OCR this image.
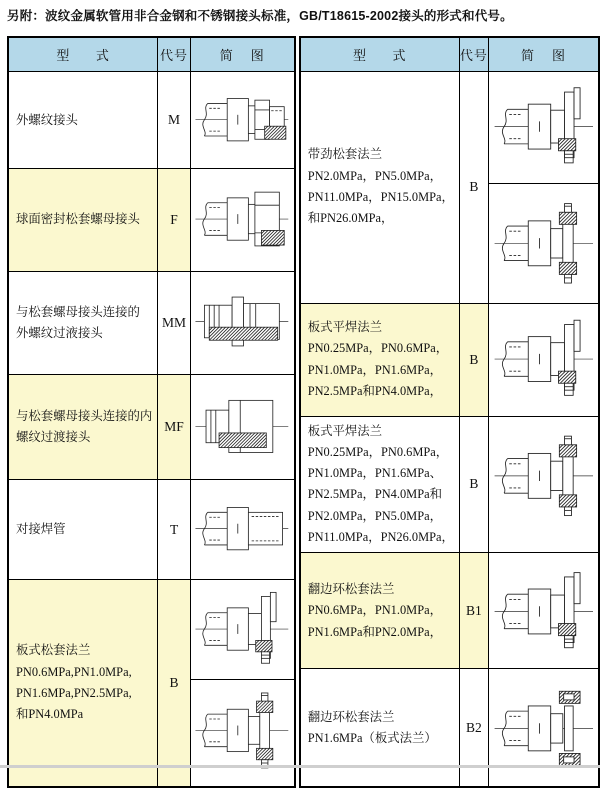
另附：波纹金属软管用非合金钢和不锈钢接头标准，GB/T18615-2002接头的形式和代号。
型      式	代号	简    图

外螺纹接头	M	

球面密封松套螺母接头	F	

与松套螺母接头连接的
外螺纹过液接头	MM	

与松套螺母接头连接的内
螺纹过渡接头	MF	

对接焊管	T	

板式松套法兰
PN0.6MPa,PN1.0MPa,
PN1.6MPa,PN2.5MPa,
和PN4.0MPa	B	
型      式	代号	简    图

带劲松套法兰
PN2.0MPa，PN5.0MPa，
PN11.0MPa，PN15.0MPa，
和PN26.0MPa，	B	

板式平焊法兰
PN0.25MPa，PN0.6MPa，
PN1.0MPa，PN1.6MPa，
PN2.5MPa和PN4.0MPa，	B	

板式平焊法兰
PN0.25MPa，PN0.6MPa，
PN1.0MPa，PN1.6MPa、
PN2.5MPa，PN4.0MPa和
PN2.0MPa，PN5.0MPa，
PN11.0MPa，PN26.0MPa，
	B	

翻边环松套法兰
PN0.6MPa，PN1.0MPa，
PN1.6MPa和PN2.0MPa，	B1	

翻边环松套法兰
PN1.6MPa（板式法兰）	B2	
